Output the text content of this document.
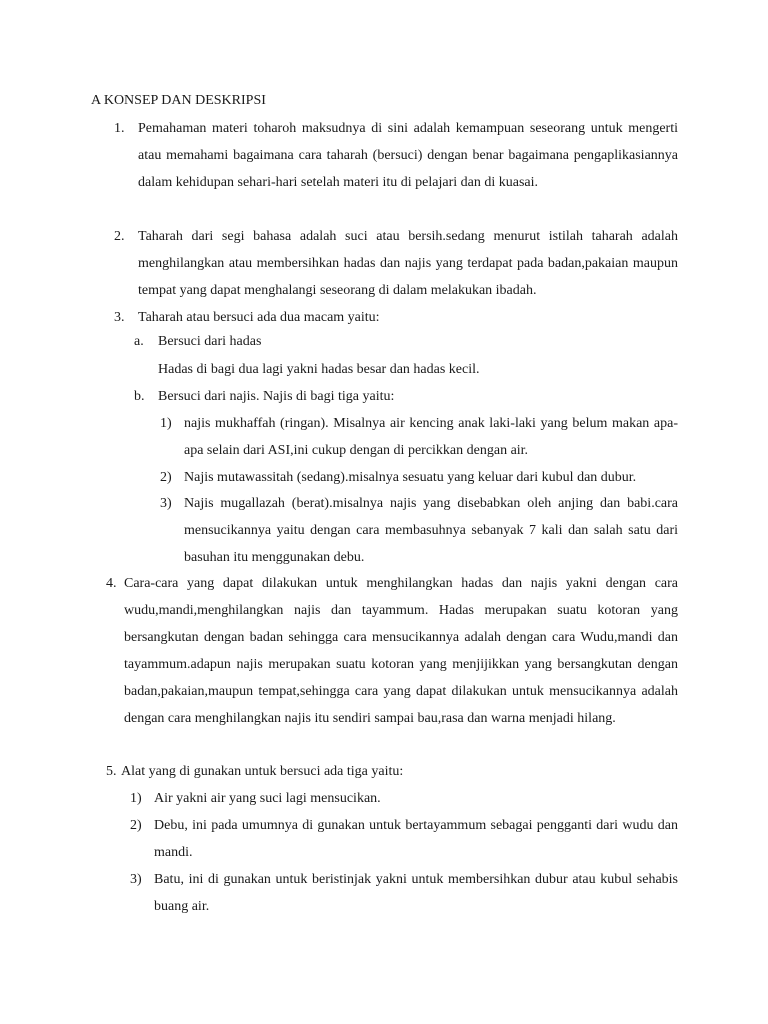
A KONSEP DAN DESKRIPSI
1. Pemahaman materi toharoh maksudnya di sini adalah kemampuan seseorang untuk mengerti atau memahami bagaimana cara taharah (bersuci) dengan benar bagaimana pengaplikasiannya dalam kehidupan sehari-hari setelah materi itu di pelajari dan di kuasai.
2. Taharah dari segi bahasa adalah suci atau bersih.sedang menurut istilah taharah adalah menghilangkan atau membersihkan hadas dan najis yang terdapat pada badan,pakaian maupun tempat yang dapat menghalangi seseorang di dalam melakukan ibadah.
3. Taharah atau bersuci ada dua macam yaitu:
a. Bersuci dari hadas
Hadas di bagi dua lagi yakni hadas besar dan hadas kecil.
b. Bersuci dari najis. Najis di bagi tiga yaitu:
1) najis mukhaffah (ringan). Misalnya air kencing anak laki-laki yang belum makan apa-apa selain dari ASI,ini cukup dengan di percikkan dengan air.
2) Najis mutawassitah (sedang).misalnya sesuatu yang keluar dari kubul dan dubur.
3) Najis mugallazah (berat).misalnya najis yang disebabkan oleh anjing dan babi.cara mensucikannya yaitu dengan cara membasuhnya sebanyak 7 kali dan salah satu dari basuhan itu menggunakan debu.
4. Cara-cara yang dapat dilakukan untuk menghilangkan hadas dan najis yakni dengan cara wudu,mandi,menghilangkan najis dan tayammum. Hadas merupakan suatu kotoran yang bersangkutan dengan badan sehingga cara mensucikannya adalah dengan cara Wudu,mandi dan tayammum.adapun najis merupakan suatu kotoran yang menjijikkan yang bersangkutan dengan badan,pakaian,maupun tempat,sehingga cara yang dapat dilakukan untuk mensucikannya adalah dengan cara menghilangkan najis itu sendiri sampai bau,rasa dan warna menjadi hilang.
5. Alat yang di gunakan untuk bersuci ada tiga yaitu:
1) Air yakni air yang suci lagi mensucikan.
2) Debu, ini pada umumnya di gunakan untuk bertayammum sebagai pengganti dari wudu dan mandi.
3) Batu, ini di gunakan untuk beristinjak yakni untuk membersihkan dubur atau kubul sehabis buang air.
